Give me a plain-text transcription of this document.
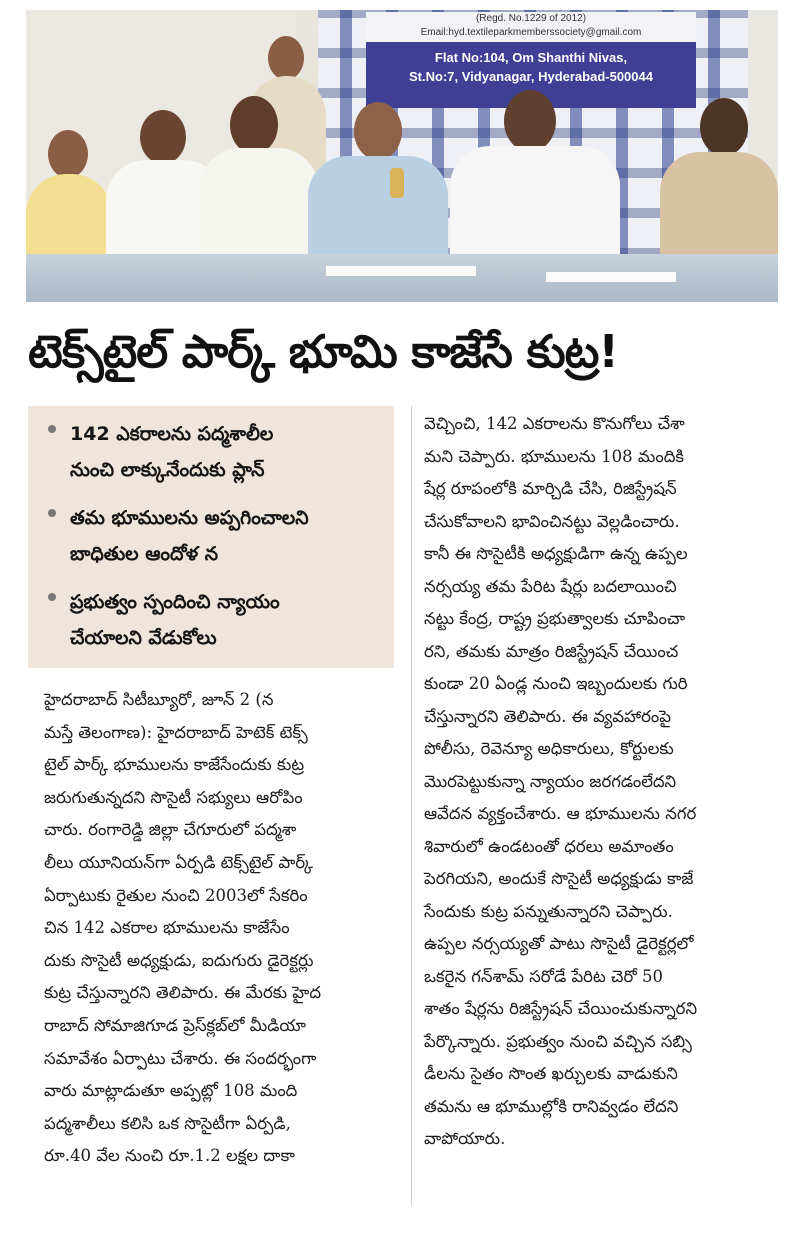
(Regd. No.1229 of 2012)
Email:hyd.textileparkmemberssociety@gmail.com
Flat No:104, Om Shanthi Nivas,
St.No:7, Vidyanagar, Hyderabad-500044
టెక్స్‌టైల్ పార్క్ భూమి కాజేసే కుట్ర!
142 ఎకరాలను పద్మశాలీల
నుంచి లాక్కునేందుకు ప్లాన్
తమ భూములను అప్పగించాలని
బాధితుల ఆందోళ న
ప్రభుత్వం స్పందించి న్యాయం
చేయాలని వేడుకోలు
హైదరాబాద్ సిటీబ్యూరో, జూన్ 2 (న
మస్తే తెలంగాణ): హైదరాబాద్ హెటెక్ టెక్స్
టైల్ పార్క్ భూములను కాజేసేందుకు కుట్ర
జరుగుతున్నదని సొసైటీ సభ్యులు ఆరోపిం
చారు. రంగారెడ్డి జిల్లా చేగూరులో పద్మశా
లీలు యూనియన్‌గా ఏర్పడి టెక్స్‌టైల్ పార్క్
ఏర్పాటుకు రైతుల నుంచి 2003లో సేకరిం
చిన 142 ఎకరాల భూములను కాజేసేం
దుకు సొసైటీ అధ్యక్షుడు, ఐదుగురు డైరెక్టర్లు
కుట్ర చేస్తున్నారని తెలిపారు. ఈ మేరకు హైద
రాబాద్ సోమాజిగూడ ప్రెస్‌క్లబ్‌లో మీడియా
సమావేశం ఏర్పాటు చేశారు. ఈ సందర్భంగా
వారు మాట్లాడుతూ అప్పట్లో 108 మంది
పద్మశాలీలు కలిసి ఒక సొసైటీగా ఏర్పడి,
రూ.40 వేల నుంచి రూ.1.2 లక్షల దాకా
వెచ్చించి, 142 ఎకరాలను కొనుగోలు చేశా
మని చెప్పారు. భూములను 108 మందికి
షేర్ల రూపంలోకి మార్చిడి చేసి, రిజిస్ట్రేషన్
చేసుకోవాలని భావించినట్టు వెల్లడించారు.
కానీ ఈ సొసైటీకి అధ్యక్షుడిగా ఉన్న ఉప్పల
నర్సయ్య తమ పేరిట షేర్లు బదలాయించి
నట్టు కేంద్ర, రాష్ట్ర ప్రభుత్వాలకు చూపించా
రని, తమకు మాత్రం రిజిస్ట్రేషన్ చేయించ
కుండా 20 ఏండ్ల నుంచి ఇబ్బందులకు గురి
చేస్తున్నారని తెలిపారు. ఈ వ్యవహారంపై
పోలీసు, రెవెన్యూ అధికారులు, కోర్టులకు
మొరపెట్టుకున్నా న్యాయం జరగడంలేదని
ఆవేదన వ్యక్తంచేశారు. ఆ భూములను నగర
శివారులో ఉండటంతో ధరలు అమాంతం
పెరగియని, అందుకే సొసైటీ అధ్యక్షుడు కాజే
సేందుకు కుట్ర పన్నుతున్నారని చెప్పారు.
ఉప్పల నర్సయ్యతో పాటు సొసైటీ డైరెక్టర్లలో
ఒకరైన గన్‌శామ్ సరోడే పేరిట చెరో 50
శాతం షేర్లను రిజిస్ట్రేషన్ చేయించుకున్నారని
పేర్కొన్నారు. ప్రభుత్వం నుంచి వచ్చిన సబ్సి
డీలను సైతం సొంత ఖర్చులకు వాడుకుని
తమను ఆ భూముల్లోకి రానివ్వడం లేదని
వాపోయారు.
